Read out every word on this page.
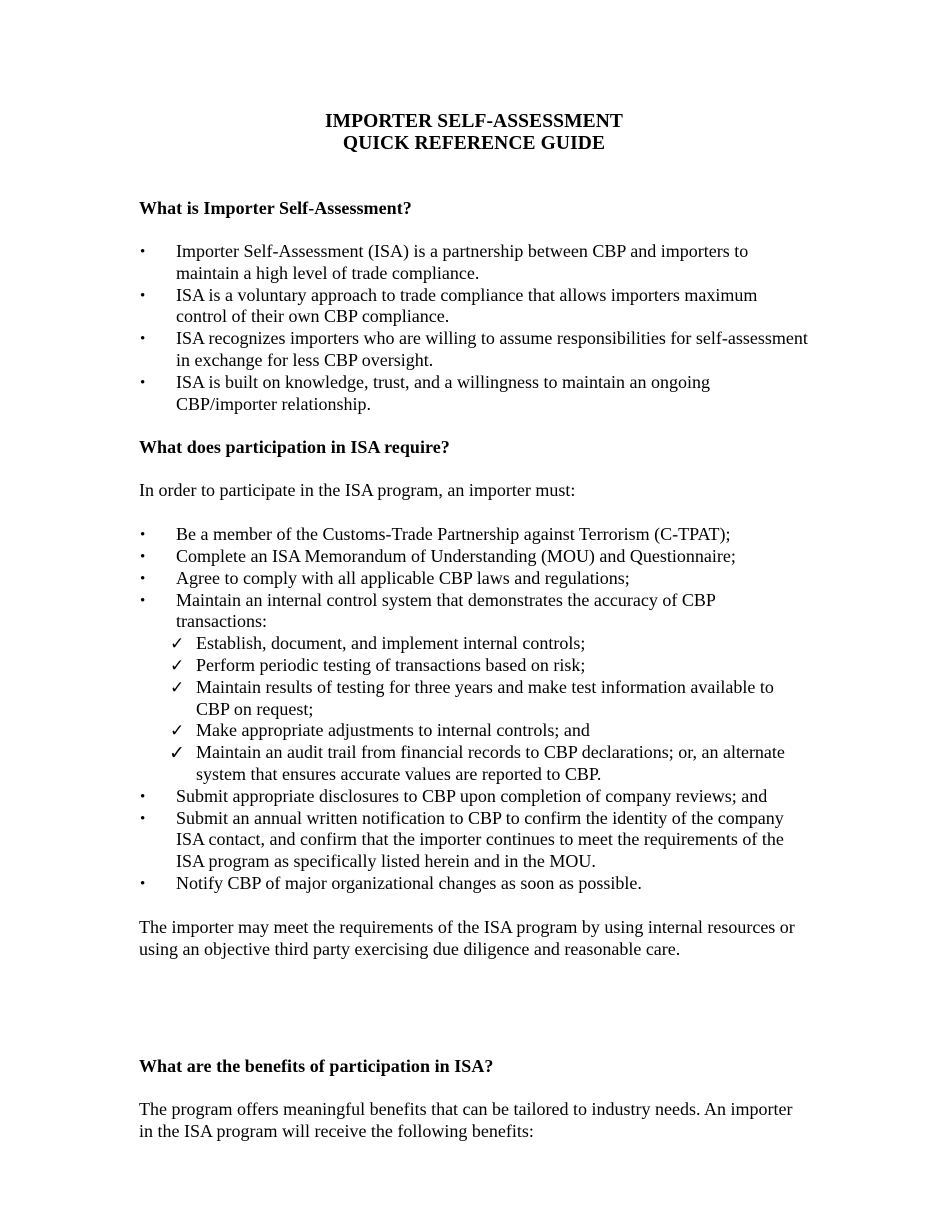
IMPORTER SELF-ASSESSMENT
QUICK REFERENCE GUIDE
What is Importer Self-Assessment?
•	Importer Self-Assessment (ISA) is a partnership between CBP and importers to maintain a high level of trade compliance.
•	ISA is a voluntary approach to trade compliance that allows importers maximum control of their own CBP compliance.
•	ISA recognizes importers who are willing to assume responsibilities for self-assessment in exchange for less CBP oversight.
•	ISA is built on knowledge, trust, and a willingness to maintain an ongoing CBP/importer relationship.
What does participation in ISA require?

In order to participate in the ISA program, an importer must:

•	Be a member of the Customs-Trade Partnership against Terrorism (C-TPAT);
•	Complete an ISA Memorandum of Understanding (MOU) and Questionnaire;
•	Agree to comply with all applicable CBP laws and regulations;
•	Maintain an internal control system that demonstrates the accuracy of CBP transactions:
✓ Establish, document, and implement internal controls;
✓ Perform periodic testing of transactions based on risk;
✓ Maintain results of testing for three years and make test information available to CBP on request;
✓ Make appropriate adjustments to internal controls; and
✓ Maintain an audit trail from financial records to CBP declarations; or, an alternate system that ensures accurate values are reported to CBP.
•	Submit appropriate disclosures to CBP upon completion of company reviews; and
•	Submit an annual written notification to CBP to confirm the identity of the company ISA contact, and confirm that the importer continues to meet the requirements of the ISA program as specifically listed herein and in the MOU.
•	Notify CBP of major organizational changes as soon as possible.

The importer may meet the requirements of the ISA program by using internal resources or using an objective third party exercising due diligence and reasonable care.

What are the benefits of participation in ISA?

The program offers meaningful benefits that can be tailored to industry needs. An importer in the ISA program will receive the following benefits:
